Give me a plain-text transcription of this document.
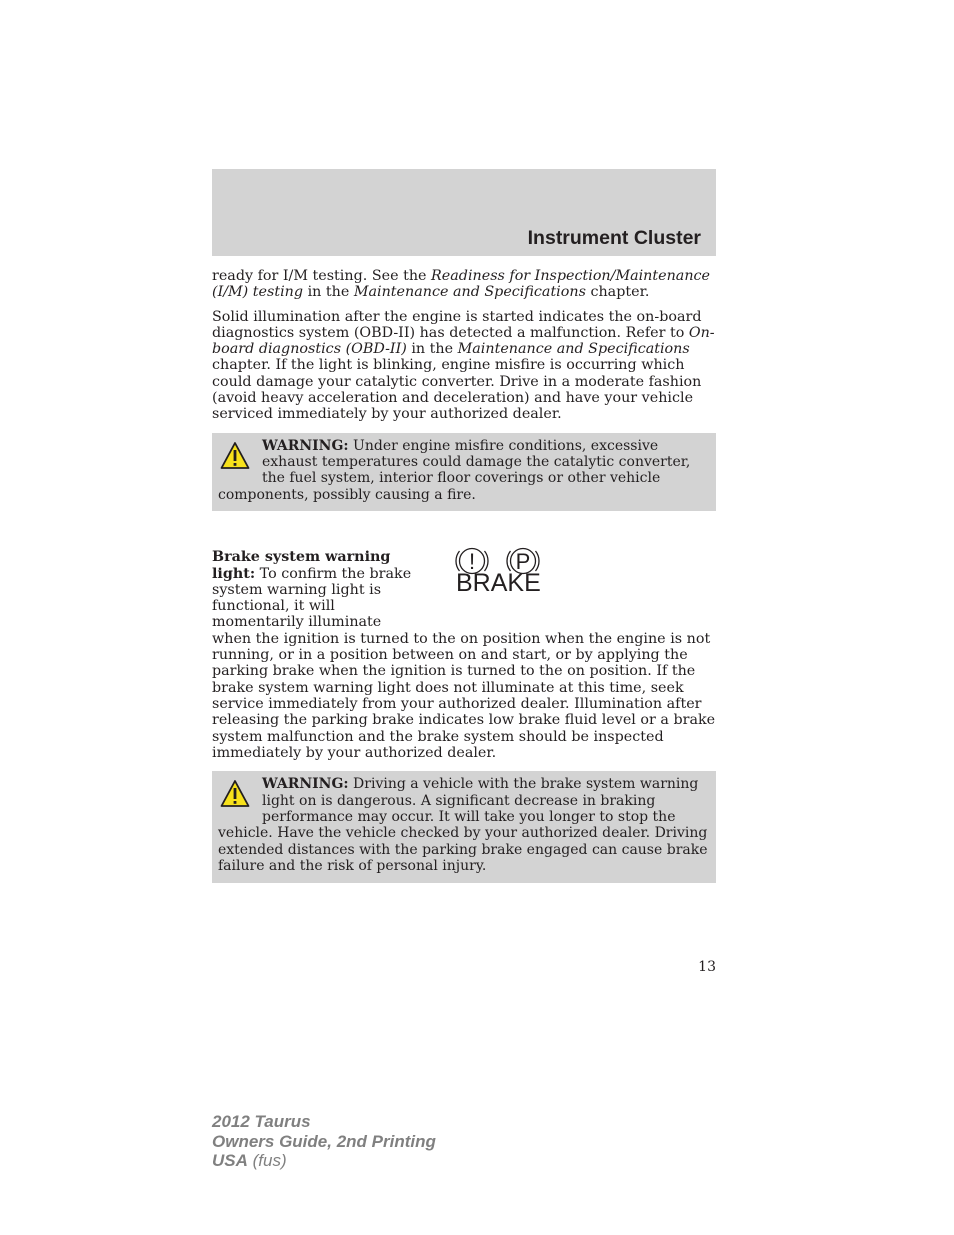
Instrument Cluster

ready for I/M testing. See the Readiness for Inspection/Maintenance (I/M) testing in the Maintenance and Specifications chapter.

Solid illumination after the engine is started indicates the on-board diagnostics system (OBD-II) has detected a malfunction. Refer to On-board diagnostics (OBD-II) in the Maintenance and Specifications chapter. If the light is blinking, engine misfire is occurring which could damage your catalytic converter. Drive in a moderate fashion (avoid heavy acceleration and deceleration) and have your vehicle serviced immediately by your authorized dealer.

WARNING: Under engine misfire conditions, excessive exhaust temperatures could damage the catalytic converter, the fuel system, interior floor coverings or other vehicle components, possibly causing a fire.

! P
BRAKE

Brake system warning light: To confirm the brake system warning light is functional, it will momentarily illuminate when the ignition is turned to the on position when the engine is not running, or in a position between on and start, or by applying the parking brake when the ignition is turned to the on position. If the brake system warning light does not illuminate at this time, seek service immediately from your authorized dealer. Illumination after releasing the parking brake indicates low brake fluid level or a brake system malfunction and the brake system should be inspected immediately by your authorized dealer.

WARNING: Driving a vehicle with the brake system warning light on is dangerous. A significant decrease in braking performance may occur. It will take you longer to stop the vehicle. Have the vehicle checked by your authorized dealer. Driving extended distances with the parking brake engaged can cause brake failure and the risk of personal injury.

13
2012 Taurus
Owners Guide, 2nd Printing
USA (fus)
